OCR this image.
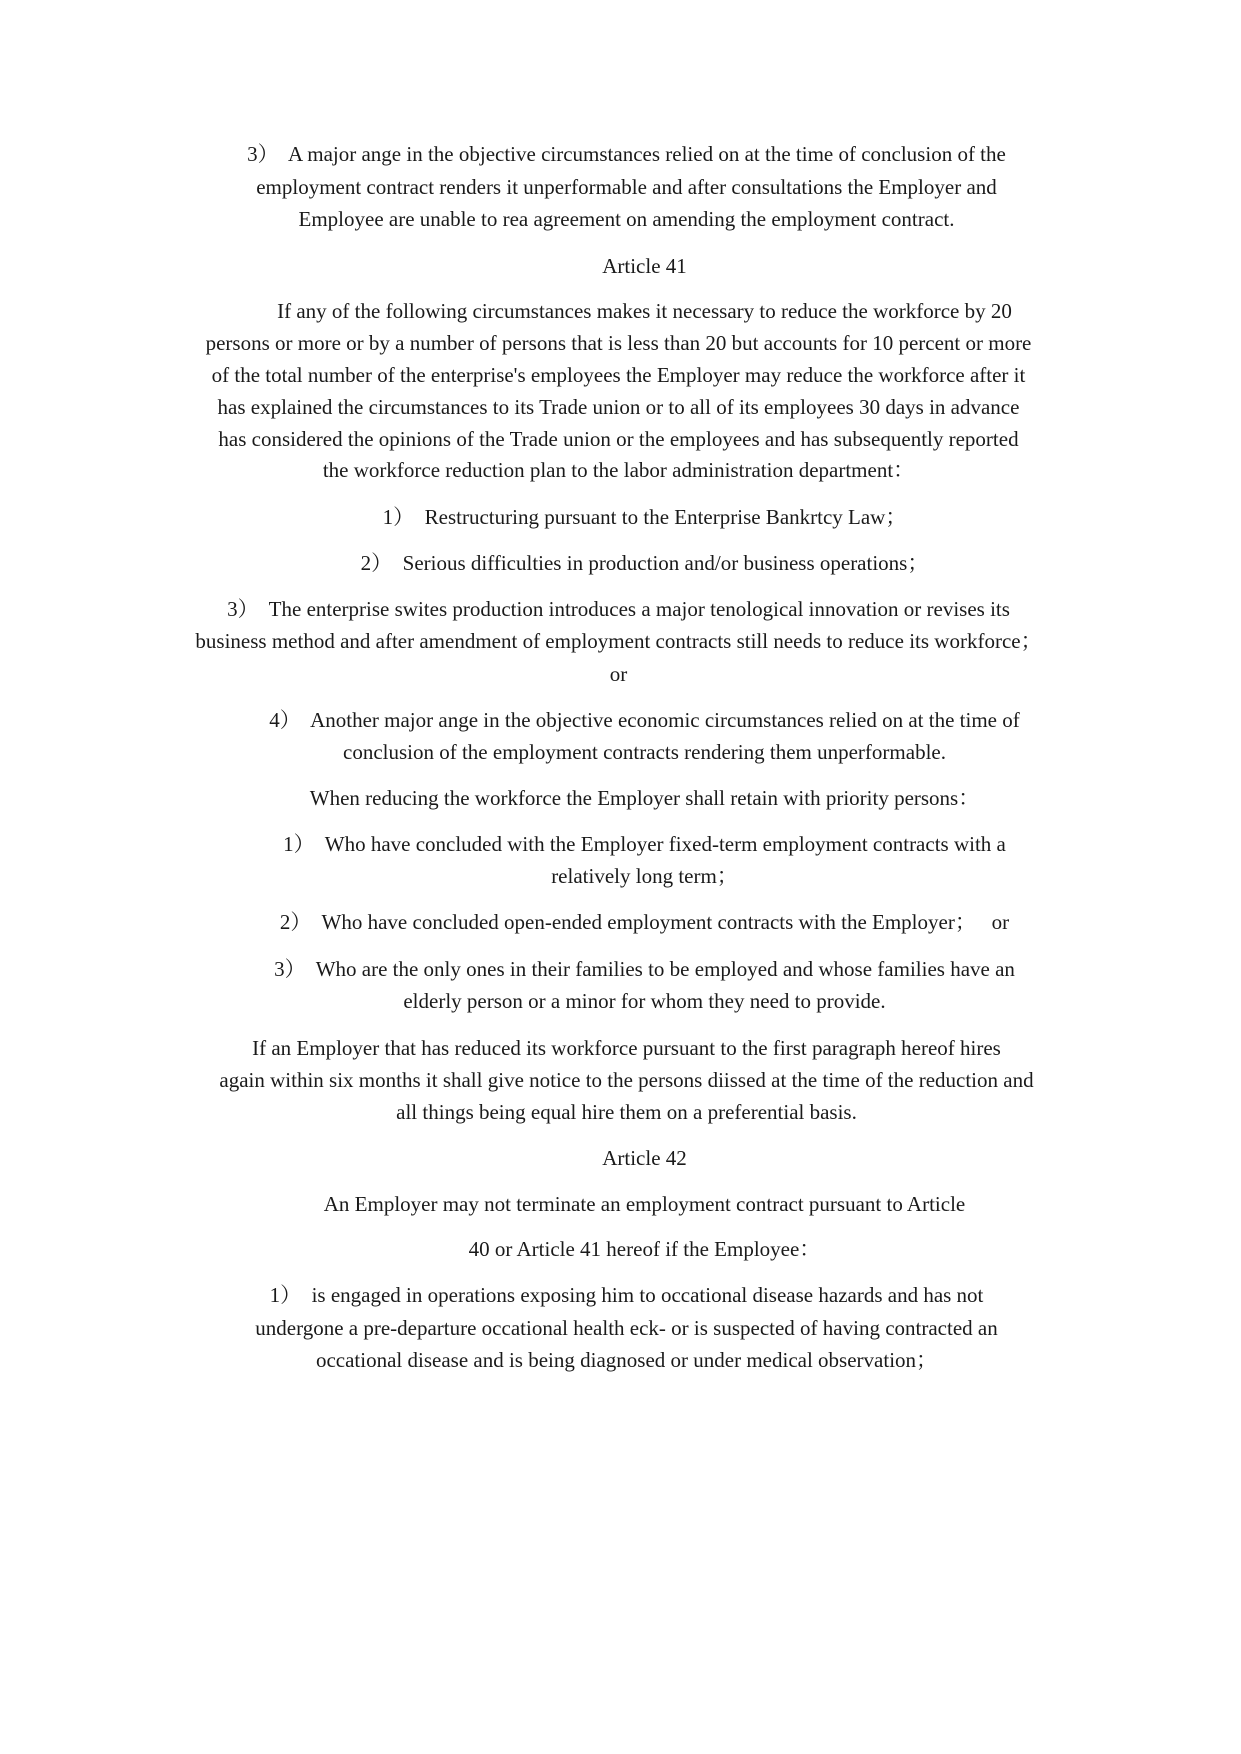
3）  A major ange in the objective circumstances relied on at the time of conclusion of the
employment contract renders it unperformable and after consultations the Employer and
Employee are unable to rea agreement on amending the employment contract.
Article 41
If any of the following circumstances makes it necessary to reduce the workforce by 20
persons or more or by a number of persons that is less than 20 but accounts for 10 percent or more
of the total number of the enterprise's employees the Employer may reduce the workforce after it
has explained the circumstances to its Trade union or to all of its employees 30 days in advance
has considered the opinions of the Trade union or the employees and has subsequently reported
the workforce reduction plan to the labor administration department：
1）  Restructuring pursuant to the Enterprise Bankrtcy Law；
2）  Serious difficulties in production and/or business operations；
3）  The enterprise swites production introduces a major tenological innovation or revises its
business method and after amendment of employment contracts still needs to reduce its workforce；
or
4）  Another major ange in the objective economic circumstances relied on at the time of
conclusion of the employment contracts rendering them unperformable.
When reducing the workforce the Employer shall retain with priority persons：
1）  Who have concluded with the Employer fixed-term employment contracts with a
relatively long term；
2）  Who have concluded open-ended employment contracts with the Employer；   or
3）  Who are the only ones in their families to be employed and whose families have an
elderly person or a minor for whom they need to provide.
If an Employer that has reduced its workforce pursuant to the first paragraph hereof hires
again within six months it shall give notice to the persons diissed at the time of the reduction and
all things being equal hire them on a preferential basis.
Article 42
An Employer may not terminate an employment contract pursuant to Article
40 or Article 41 hereof if the Employee：
1）  is engaged in operations exposing him to occational disease hazards and has not
undergone a pre-departure occational health eck- or is suspected of having contracted an
occational disease and is being diagnosed or under medical observation；
